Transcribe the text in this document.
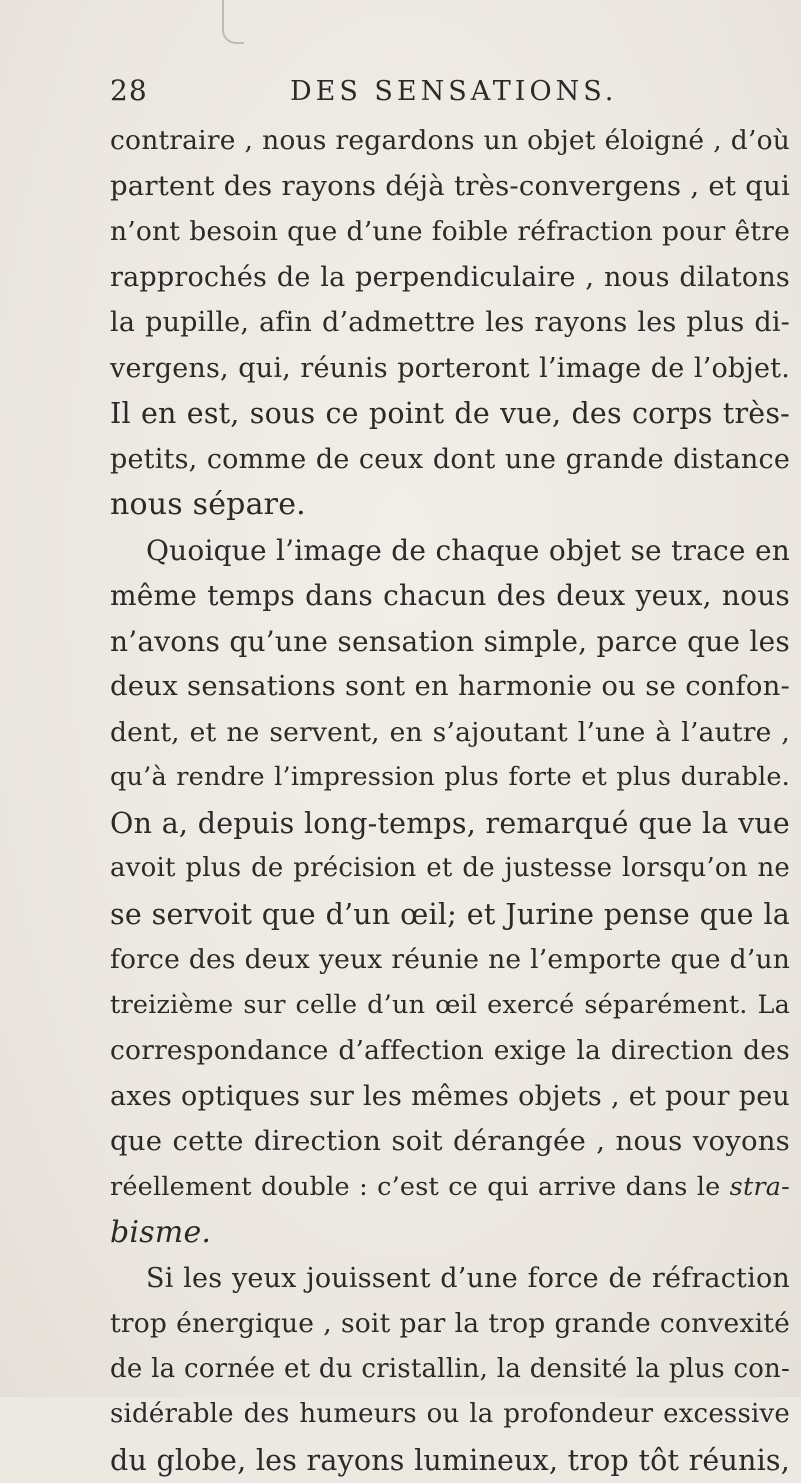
28	DES SENSATIONS.
contraire , nous regardons un objet éloigné , d’où
partent des rayons déjà très-convergens , et qui
n’ont besoin que d’une foible réfraction pour être
rapprochés de la perpendiculaire , nous dilatons
la pupille, afin d’admettre les rayons les plus di-
vergens, qui, réunis porteront l’image de l’objet.
Il en est, sous ce point de vue, des corps très-
petits, comme de ceux dont une grande distance
nous sépare.
Quoique l’image de chaque objet se trace en
même temps dans chacun des deux yeux, nous
n’avons qu’une sensation simple, parce que les
deux sensations sont en harmonie ou se confon-
dent, et ne servent, en s’ajoutant l’une à l’autre ,
qu’à rendre l’impression plus forte et plus durable.
On a, depuis long-temps, remarqué que la vue
avoit plus de précision et de justesse lorsqu’on ne
se servoit que d’un œil; et Jurine pense que la
force des deux yeux réunie ne l’emporte que d’un
treizième sur celle d’un œil exercé séparément. La
correspondance d’affection exige la direction des
axes optiques sur les mêmes objets , et pour peu
que cette direction soit dérangée , nous voyons
réellement double : c’est ce qui arrive dans le stra-
bisme.
Si les yeux jouissent d’une force de réfraction
trop énergique , soit par la trop grande convexité
de la cornée et du cristallin, la densité la plus con-
sidérable des humeurs ou la profondeur excessive
du globe, les rayons lumineux, trop tôt réunis,
